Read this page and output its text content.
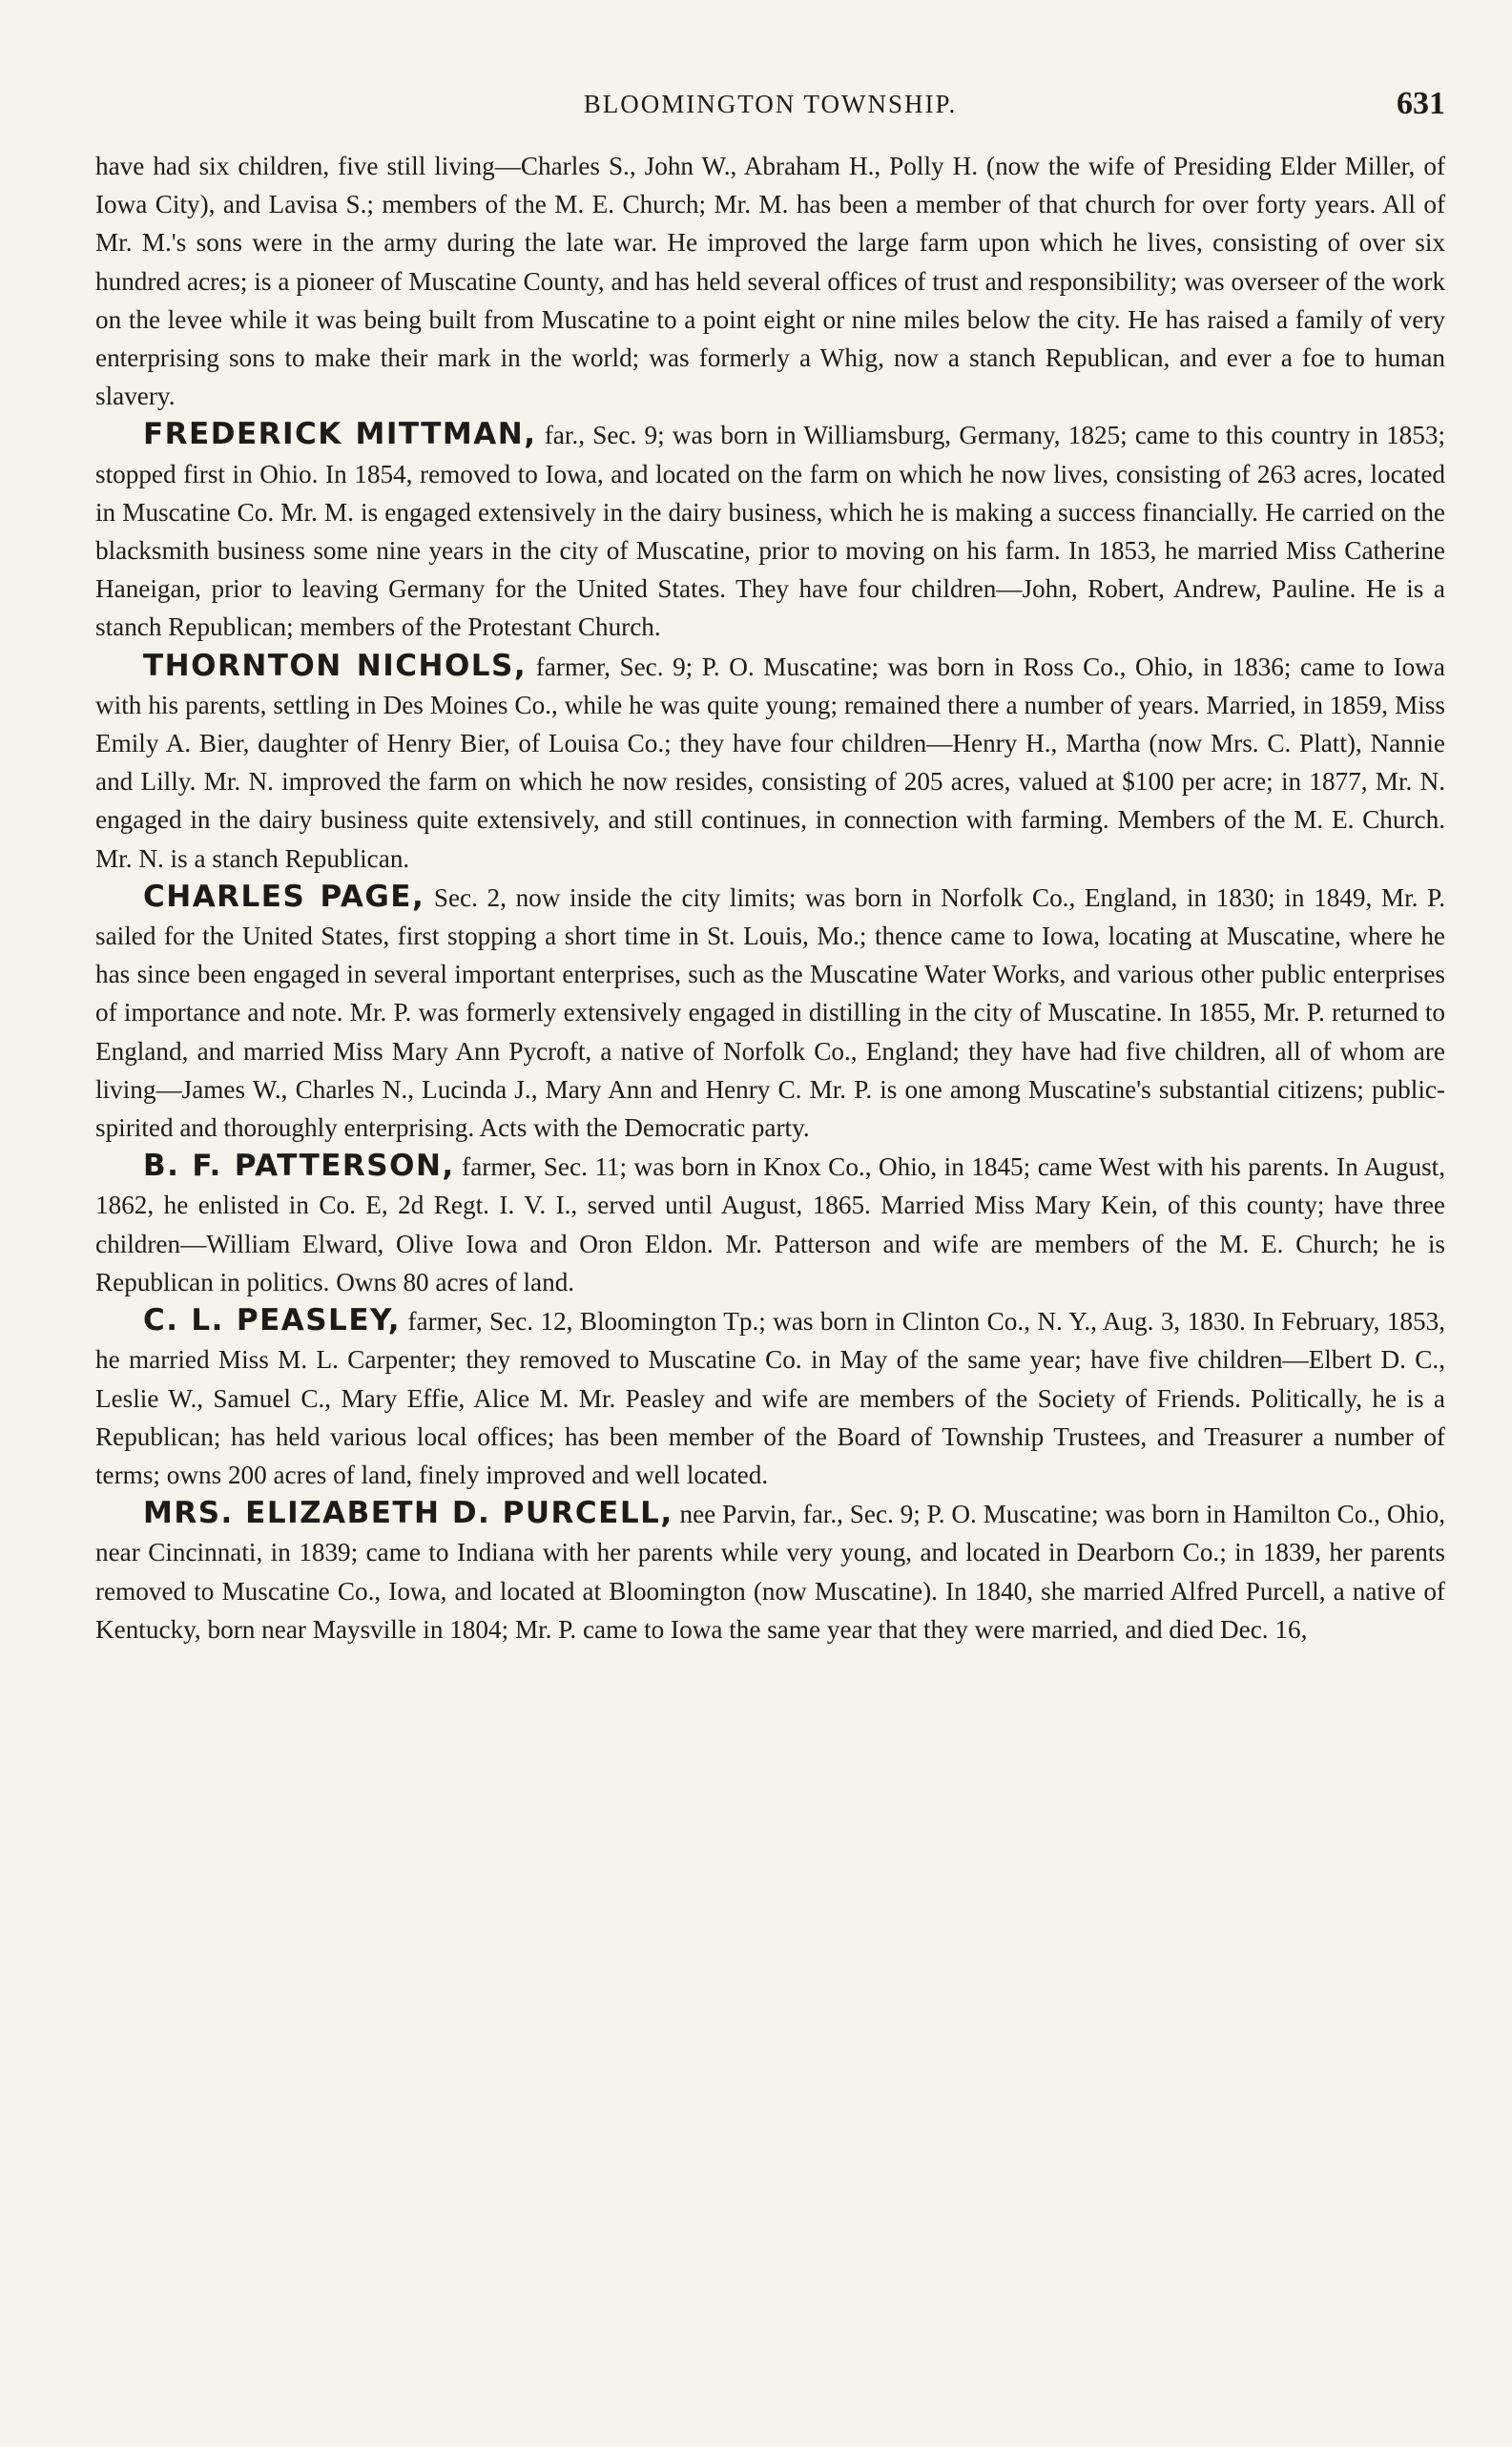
BLOOMINGTON TOWNSHIP.	631

have had six children, five still living—Charles S., John W., Abraham H., Polly H. (now the wife of Presiding Elder Miller, of Iowa City), and Lavisa S.; members of the M. E. Church; Mr. M. has been a member of that church for over forty years. All of Mr. M.'s sons were in the army during the late war. He improved the large farm upon which he lives, consisting of over six hundred acres; is a pioneer of Muscatine County, and has held several offices of trust and responsibility; was overseer of the work on the levee while it was being built from Muscatine to a point eight or nine miles below the city. He has raised a family of very enterprising sons to make their mark in the world; was formerly a Whig, now a stanch Republican, and ever a foe to human slavery.

FREDERICK MITTMAN, far., Sec. 9; was born in Williamsburg, Germany, 1825; came to this country in 1853; stopped first in Ohio. In 1854, removed to Iowa, and located on the farm on which he now lives, consisting of 263 acres, located in Muscatine Co. Mr. M. is engaged extensively in the dairy business, which he is making a success financially. He carried on the blacksmith business some nine years in the city of Muscatine, prior to moving on his farm. In 1853, he married Miss Catherine Haneigan, prior to leaving Germany for the United States. They have four children—John, Robert, Andrew, Pauline. He is a stanch Republican; members of the Protestant Church.

THORNTON NICHOLS, farmer, Sec. 9; P. O. Muscatine; was born in Ross Co., Ohio, in 1836; came to Iowa with his parents, settling in Des Moines Co., while he was quite young; remained there a number of years. Married, in 1859, Miss Emily A. Bier, daughter of Henry Bier, of Louisa Co.; they have four children—Henry H., Martha (now Mrs. C. Platt), Nannie and Lilly. Mr. N. improved the farm on which he now resides, consisting of 205 acres, valued at $100 per acre; in 1877, Mr. N. engaged in the dairy business quite extensively, and still continues, in connection with farming. Members of the M. E. Church. Mr. N. is a stanch Republican.

CHARLES PAGE, Sec. 2, now inside the city limits; was born in Norfolk Co., England, in 1830; in 1849, Mr. P. sailed for the United States, first stopping a short time in St. Louis, Mo.; thence came to Iowa, locating at Muscatine, where he has since been engaged in several important enterprises, such as the Muscatine Water Works, and various other public enterprises of importance and note. Mr. P. was formerly extensively engaged in distilling in the city of Muscatine. In 1855, Mr. P. returned to England, and married Miss Mary Ann Pycroft, a native of Norfolk Co., England; they have had five children, all of whom are living—James W., Charles N., Lucinda J., Mary Ann and Henry C. Mr. P. is one among Muscatine's substantial citizens; public-spirited and thoroughly enterprising. Acts with the Democratic party.

B. F. PATTERSON, farmer, Sec. 11; was born in Knox Co., Ohio, in 1845; came West with his parents. In August, 1862, he enlisted in Co. E, 2d Regt. I. V. I., served until August, 1865. Married Miss Mary Kein, of this county; have three children—William Elward, Olive Iowa and Oron Eldon. Mr. Patterson and wife are members of the M. E. Church; he is Republican in politics. Owns 80 acres of land.

C. L. PEASLEY, farmer, Sec. 12, Bloomington Tp.; was born in Clinton Co., N. Y., Aug. 3, 1830. In February, 1853, he married Miss M. L. Carpenter; they removed to Muscatine Co. in May of the same year; have five children—Elbert D. C., Leslie W., Samuel C., Mary Effie, Alice M. Mr. Peasley and wife are members of the Society of Friends. Politically, he is a Republican; has held various local offices; has been member of the Board of Township Trustees, and Treasurer a number of terms; owns 200 acres of land, finely improved and well located.

MRS. ELIZABETH D. PURCELL, nee Parvin, far., Sec. 9; P. O. Muscatine; was born in Hamilton Co., Ohio, near Cincinnati, in 1839; came to Indiana with her parents while very young, and located in Dearborn Co.; in 1839, her parents removed to Muscatine Co., Iowa, and located at Bloomington (now Muscatine). In 1840, she married Alfred Purcell, a native of Kentucky, born near Maysville in 1804; Mr. P. came to Iowa the same year that they were married, and died Dec. 16,
